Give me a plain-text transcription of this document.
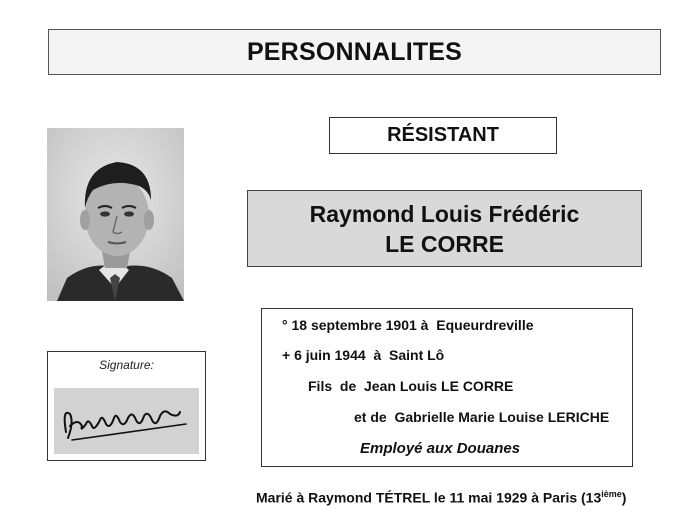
PERSONNALITES
RÉSISTANT
Raymond Louis Frédéric
LE CORRE
Signature:
° 18 septembre 1901 à  Equeurdreville
+ 6 juin 1944  à  Saint Lô
Fils  de  Jean Louis LE CORRE
et de  Gabrielle Marie Louise LERICHE
Employé aux Douanes
Marié à Raymond TÉTREL le 11 mai 1929 à Paris (13ième)
